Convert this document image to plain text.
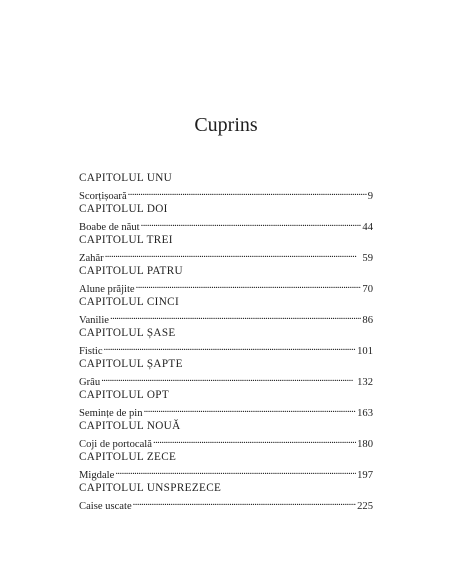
Cuprins
CAPITOLUL UNU
Scorțișoară . . .	9
CAPITOLUL DOI
Boabe de năut . . .	44
CAPITOLUL TREI
Zahăr . . .	59
CAPITOLUL PATRU
Alune prăjite . . .	70
CAPITOLUL CINCI
Vanilie . . .	86
CAPITOLUL ȘASE
Fistic . . .	101
CAPITOLUL ȘAPTE
Grâu . . .	132
CAPITOLUL OPT
Semințe de pin . . .	163
CAPITOLUL NOUĂ
Coji de portocală . . .	180
CAPITOLUL ZECE
Migdale . . .	197
CAPITOLUL UNSPREZECE
Caise uscate . . .	225
